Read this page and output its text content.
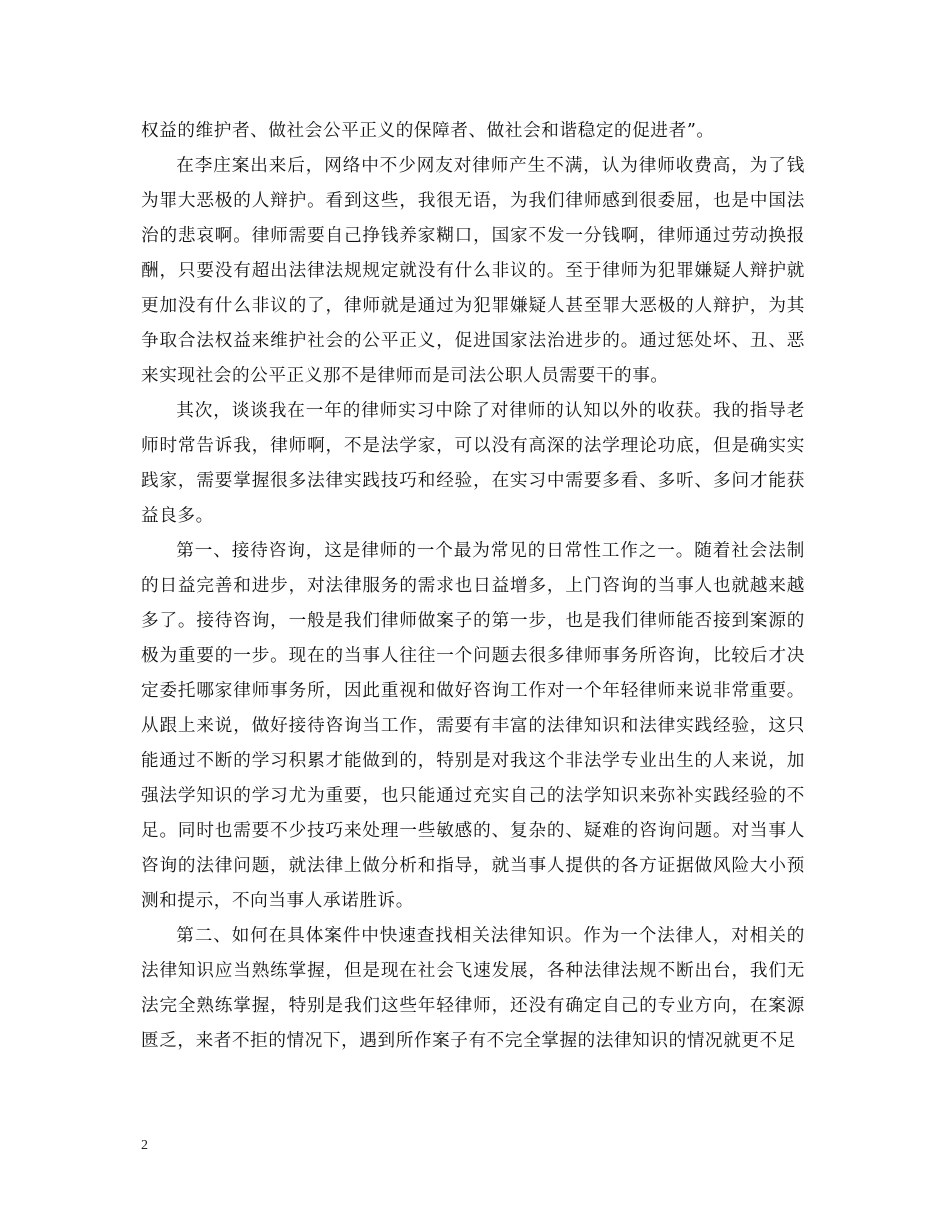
权益的维护者、做社会公平正义的保障者、做社会和谐稳定的促进者”。

在李庄案出来后，网络中不少网友对律师产生不满，认为律师收费高，为了钱为罪大恶极的人辩护。看到这些，我很无语，为我们律师感到很委屈，也是中国法治的悲哀啊。律师需要自己挣钱养家糊口，国家不发一分钱啊，律师通过劳动换报酬，只要没有超出法律法规规定就没有什么非议的。至于律师为犯罪嫌疑人辩护就更加没有什么非议的了，律师就是通过为犯罪嫌疑人甚至罪大恶极的人辩护，为其争取合法权益来维护社会的公平正义，促进国家法治进步的。通过惩处坏、丑、恶来实现社会的公平正义那不是律师而是司法公职人员需要干的事。

其次，谈谈我在一年的律师实习中除了对律师的认知以外的收获。我的指导老师时常告诉我，律师啊，不是法学家，可以没有高深的法学理论功底，但是确实实践家，需要掌握很多法律实践技巧和经验，在实习中需要多看、多听、多问才能获益良多。

第一、接待咨询，这是律师的一个最为常见的日常性工作之一。随着社会法制的日益完善和进步，对法律服务的需求也日益增多，上门咨询的当事人也就越来越多了。接待咨询，一般是我们律师做案子的第一步，也是我们律师能否接到案源的极为重要的一步。现在的当事人往往一个问题去很多律师事务所咨询，比较后才决定委托哪家律师事务所，因此重视和做好咨询工作对一个年轻律师来说非常重要。从跟上来说，做好接待咨询当工作，需要有丰富的法律知识和法律实践经验，这只能通过不断的学习积累才能做到的，特别是对我这个非法学专业出生的人来说，加强法学知识的学习尤为重要，也只能通过充实自己的法学知识来弥补实践经验的不足。同时也需要不少技巧来处理一些敏感的、复杂的、疑难的咨询问题。对当事人咨询的法律问题，就法律上做分析和指导，就当事人提供的各方证据做风险大小预测和提示，不向当事人承诺胜诉。

第二、如何在具体案件中快速查找相关法律知识。作为一个法律人，对相关的法律知识应当熟练掌握，但是现在社会飞速发展，各种法律法规不断出台，我们无法完全熟练掌握，特别是我们这些年轻律师，还没有确定自己的专业方向，在案源匮乏，来者不拒的情况下，遇到所作案子有不完全掌握的法律知识的情况就更不足

2
